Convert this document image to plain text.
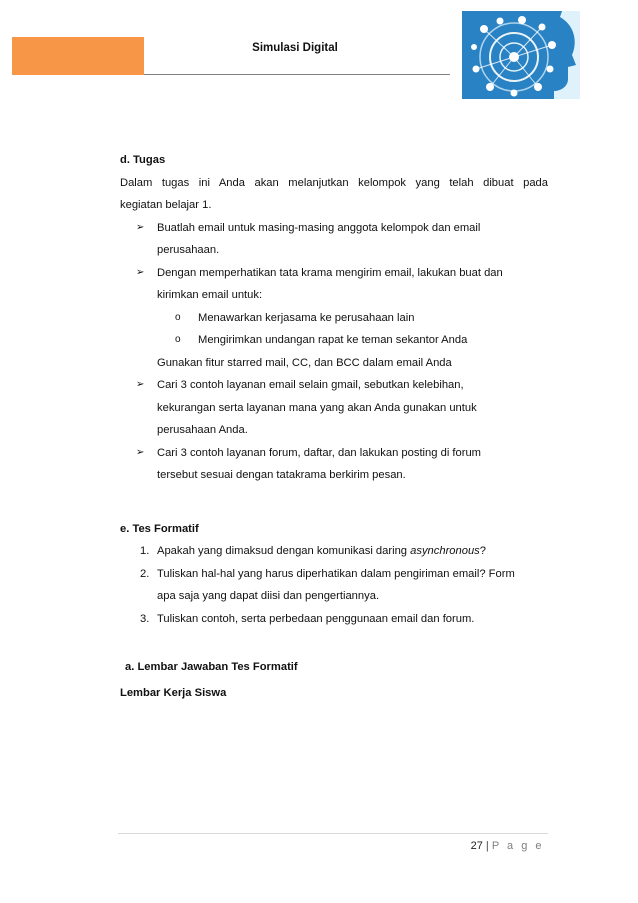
Simulasi Digital

d. Tugas

Dalam tugas ini Anda akan melanjutkan kelompok yang telah dibuat pada

kegiatan belajar 1.

➢ Buatlah email untuk masing-masing anggota kelompok dan email

perusahaan.

➢ Dengan memperhatikan tata krama mengirim email, lakukan buat dan

kirimkan email untuk:

o Menawarkan kerjasama ke perusahaan lain

o Mengirimkan undangan rapat ke teman sekantor Anda

Gunakan fitur starred mail, CC, dan BCC dalam email Anda

➢ Cari 3 contoh layanan email selain gmail, sebutkan kelebihan,

kekurangan serta layanan mana yang akan Anda gunakan untuk

perusahaan Anda.

➢ Cari 3 contoh layanan forum, daftar, dan lakukan posting di forum

tersebut sesuai dengan tatakrama berkirim pesan.

e. Tes Formatif

1. Apakah yang dimaksud dengan komunikasi daring asynchronous?

2. Tuliskan hal-hal yang harus diperhatikan dalam pengiriman email? Form

apa saja yang dapat diisi dan pengertiannya.

3. Tuliskan contoh, serta perbedaan penggunaan email dan forum.

a. Lembar Jawaban Tes Formatif

Lembar Kerja Siswa

27 | P a g e
